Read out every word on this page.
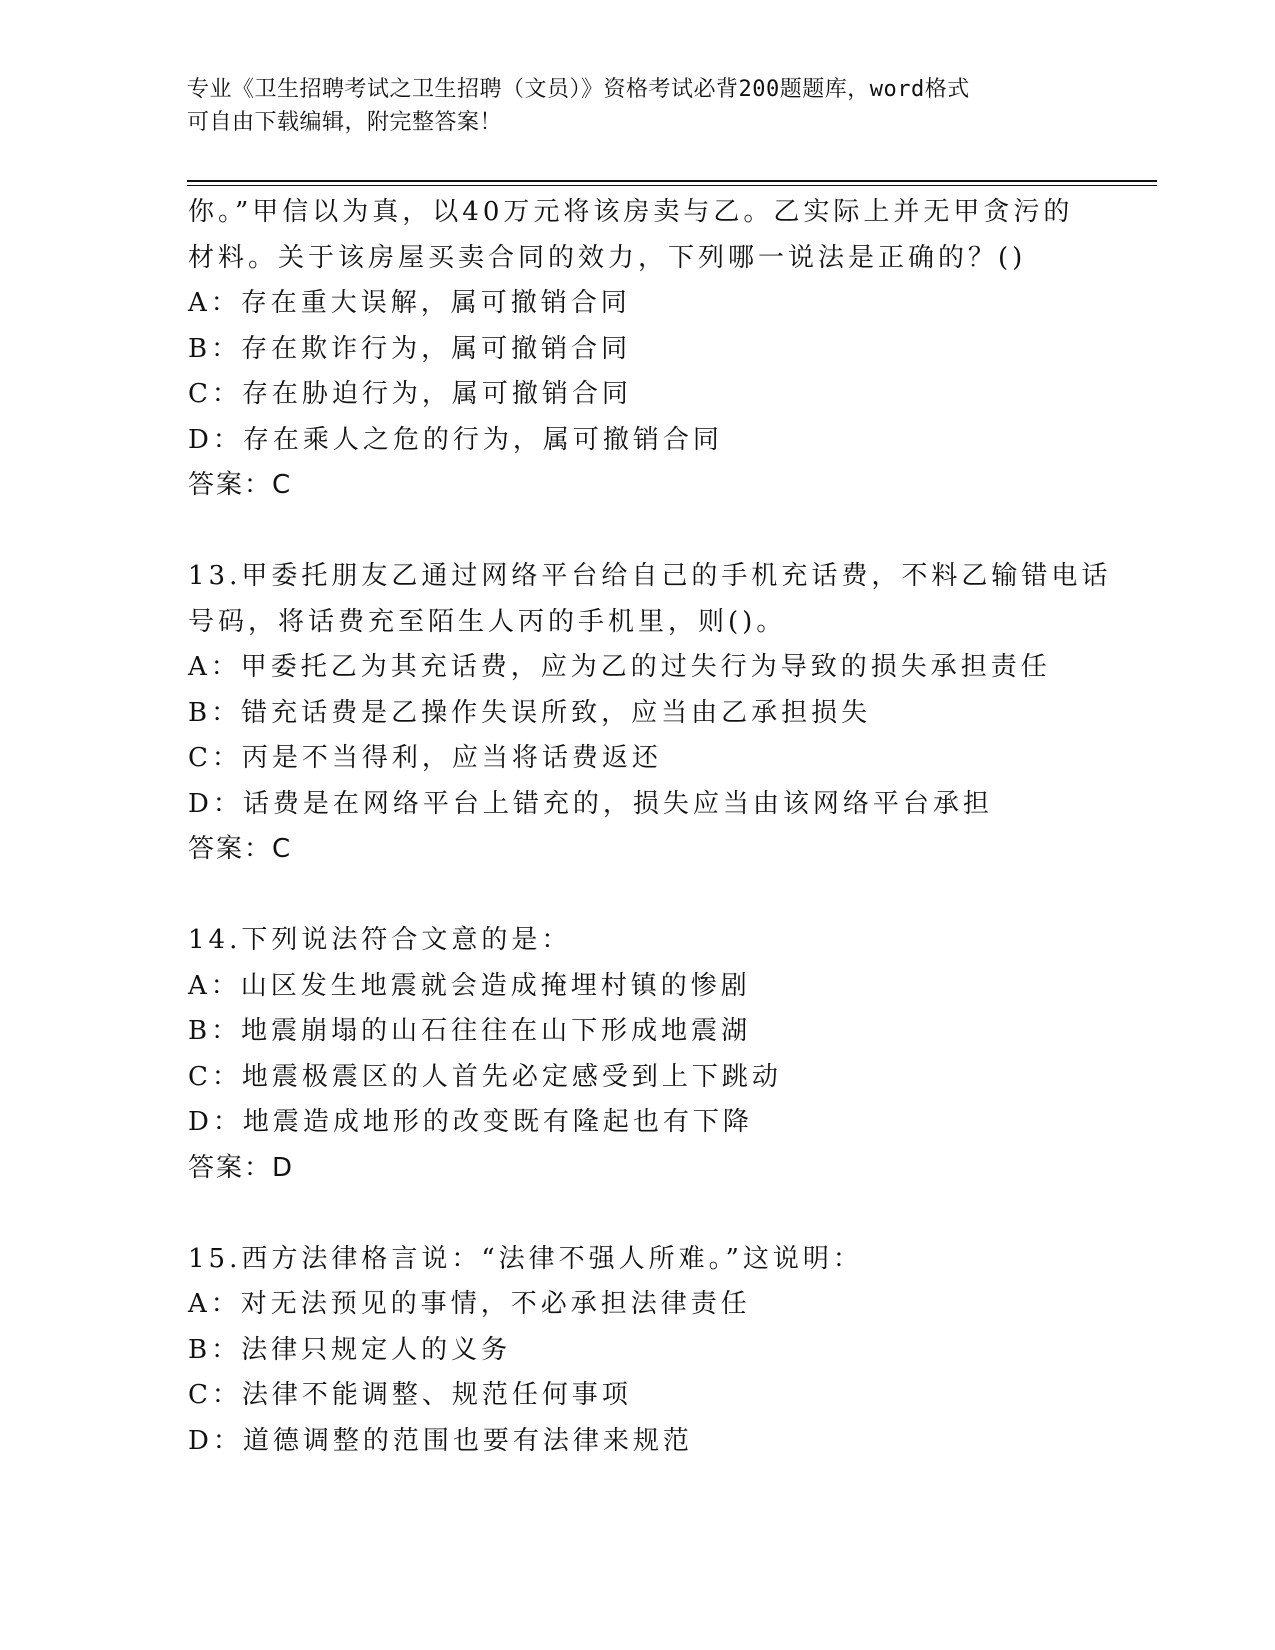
专业《卫生招聘考试之卫生招聘（文员）》资格考试必背200题题库，word格式
可自由下载编辑，附完整答案！
你。”甲信以为真，以40万元将该房卖与乙。乙实际上并无甲贪污的
材料。关于该房屋买卖合同的效力，下列哪一说法是正确的？()
A：存在重大误解，属可撤销合同
B：存在欺诈行为，属可撤销合同
C：存在胁迫行为，属可撤销合同
D：存在乘人之危的行为，属可撤销合同
答案：C
13.甲委托朋友乙通过网络平台给自己的手机充话费，不料乙输错电话
号码，将话费充至陌生人丙的手机里，则()。
A：甲委托乙为其充话费，应为乙的过失行为导致的损失承担责任
B：错充话费是乙操作失误所致，应当由乙承担损失
C：丙是不当得利，应当将话费返还
D：话费是在网络平台上错充的，损失应当由该网络平台承担
答案：C
14.下列说法符合文意的是：
A：山区发生地震就会造成掩埋村镇的惨剧
B：地震崩塌的山石往往在山下形成地震湖
C：地震极震区的人首先必定感受到上下跳动
D：地震造成地形的改变既有隆起也有下降
答案：D
15.西方法律格言说：“法律不强人所难。”这说明：
A：对无法预见的事情，不必承担法律责任
B：法律只规定人的义务
C：法律不能调整、规范任何事项
D：道德调整的范围也要有法律来规范
